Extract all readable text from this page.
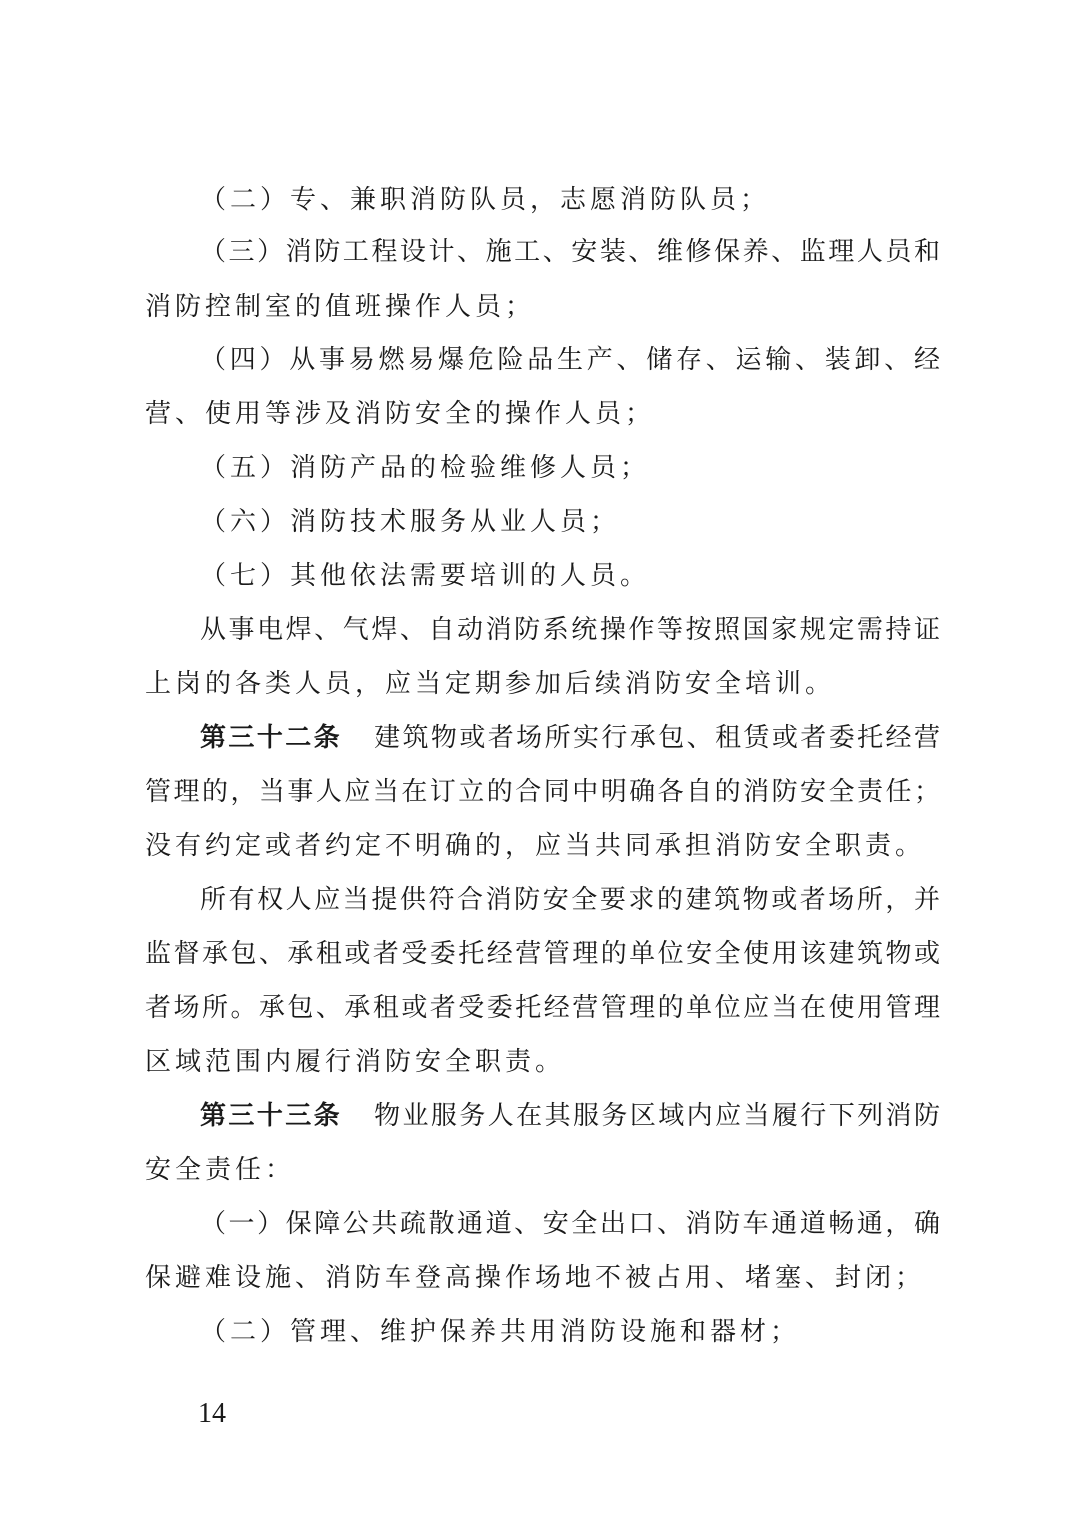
（二）专、兼职消防队员，志愿消防队员；
（三）消防工程设计、施工、安装、维修保养、监理人员和
消防控制室的值班操作人员；
（四）从事易燃易爆危险品生产、储存、运输、装卸、经
营、使用等涉及消防安全的操作人员；
（五）消防产品的检验维修人员；
（六）消防技术服务从业人员；
（七）其他依法需要培训的人员。
从事电焊、气焊、自动消防系统操作等按照国家规定需持证
上岗的各类人员，应当定期参加后续消防安全培训。
第三十二条 建筑物或者场所实行承包、租赁或者委托经营
管理的，当事人应当在订立的合同中明确各自的消防安全责任；
没有约定或者约定不明确的，应当共同承担消防安全职责。
所有权人应当提供符合消防安全要求的建筑物或者场所，并
监督承包、承租或者受委托经营管理的单位安全使用该建筑物或
者场所。承包、承租或者受委托经营管理的单位应当在使用管理
区域范围内履行消防安全职责。
第三十三条 物业服务人在其服务区域内应当履行下列消防
安全责任：
（一）保障公共疏散通道、安全出口、消防车通道畅通，确
保避难设施、消防车登高操作场地不被占用、堵塞、封闭；
（二）管理、维护保养共用消防设施和器材；
14
